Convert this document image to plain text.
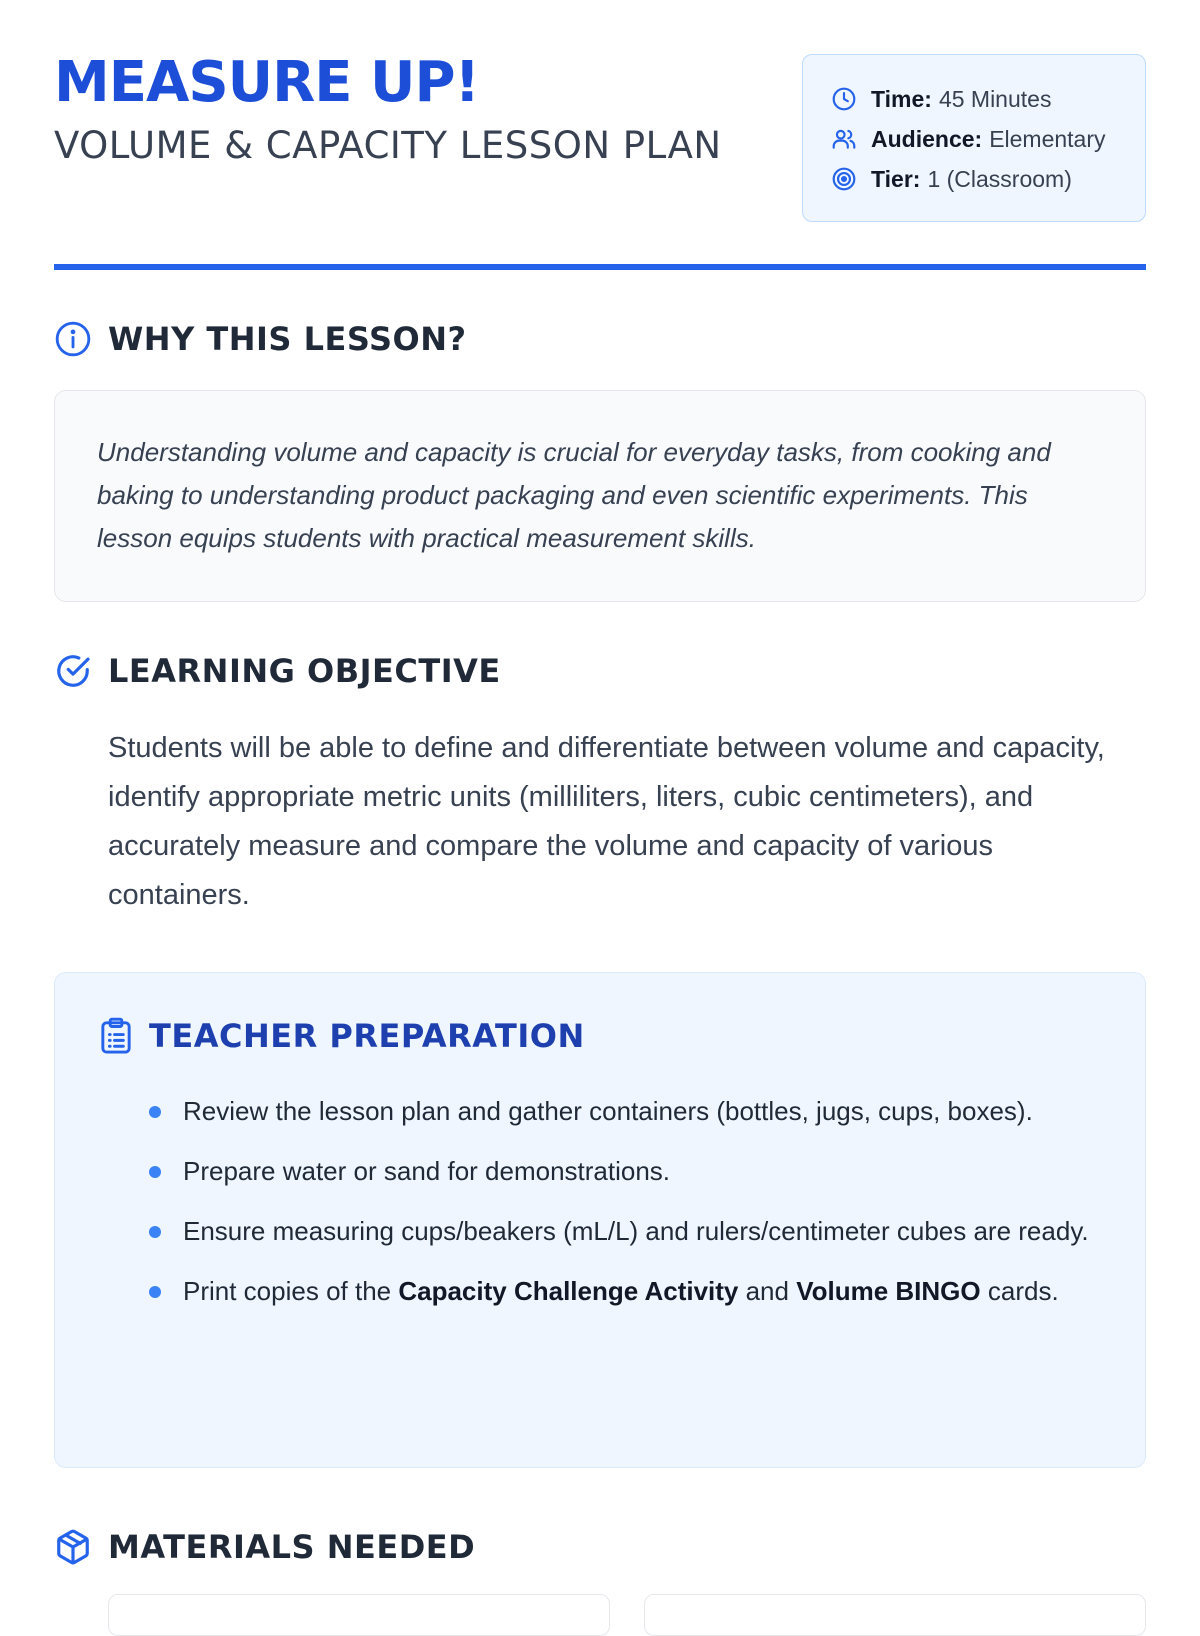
MEASURE UP!
VOLUME & CAPACITY LESSON PLAN
Time: 45 Minutes
Audience: Elementary
Tier: 1 (Classroom)
WHY THIS LESSON?
Understanding volume and capacity is crucial for everyday tasks, from cooking and baking to understanding product packaging and even scientific experiments. This lesson equips students with practical measurement skills.
LEARNING OBJECTIVE

Students will be able to define and differentiate between volume and capacity, identify appropriate metric units (milliliters, liters, cubic centimeters), and accurately measure and compare the volume and capacity of various containers.

TEACHER PREPARATION
Review the lesson plan and gather containers (bottles, jugs, cups, boxes).
Prepare water or sand for demonstrations.
Ensure measuring cups/beakers (mL/L) and rulers/centimeter cubes are ready.
Print copies of the Capacity Challenge Activity and Volume BINGO cards.
MATERIALS NEEDED
